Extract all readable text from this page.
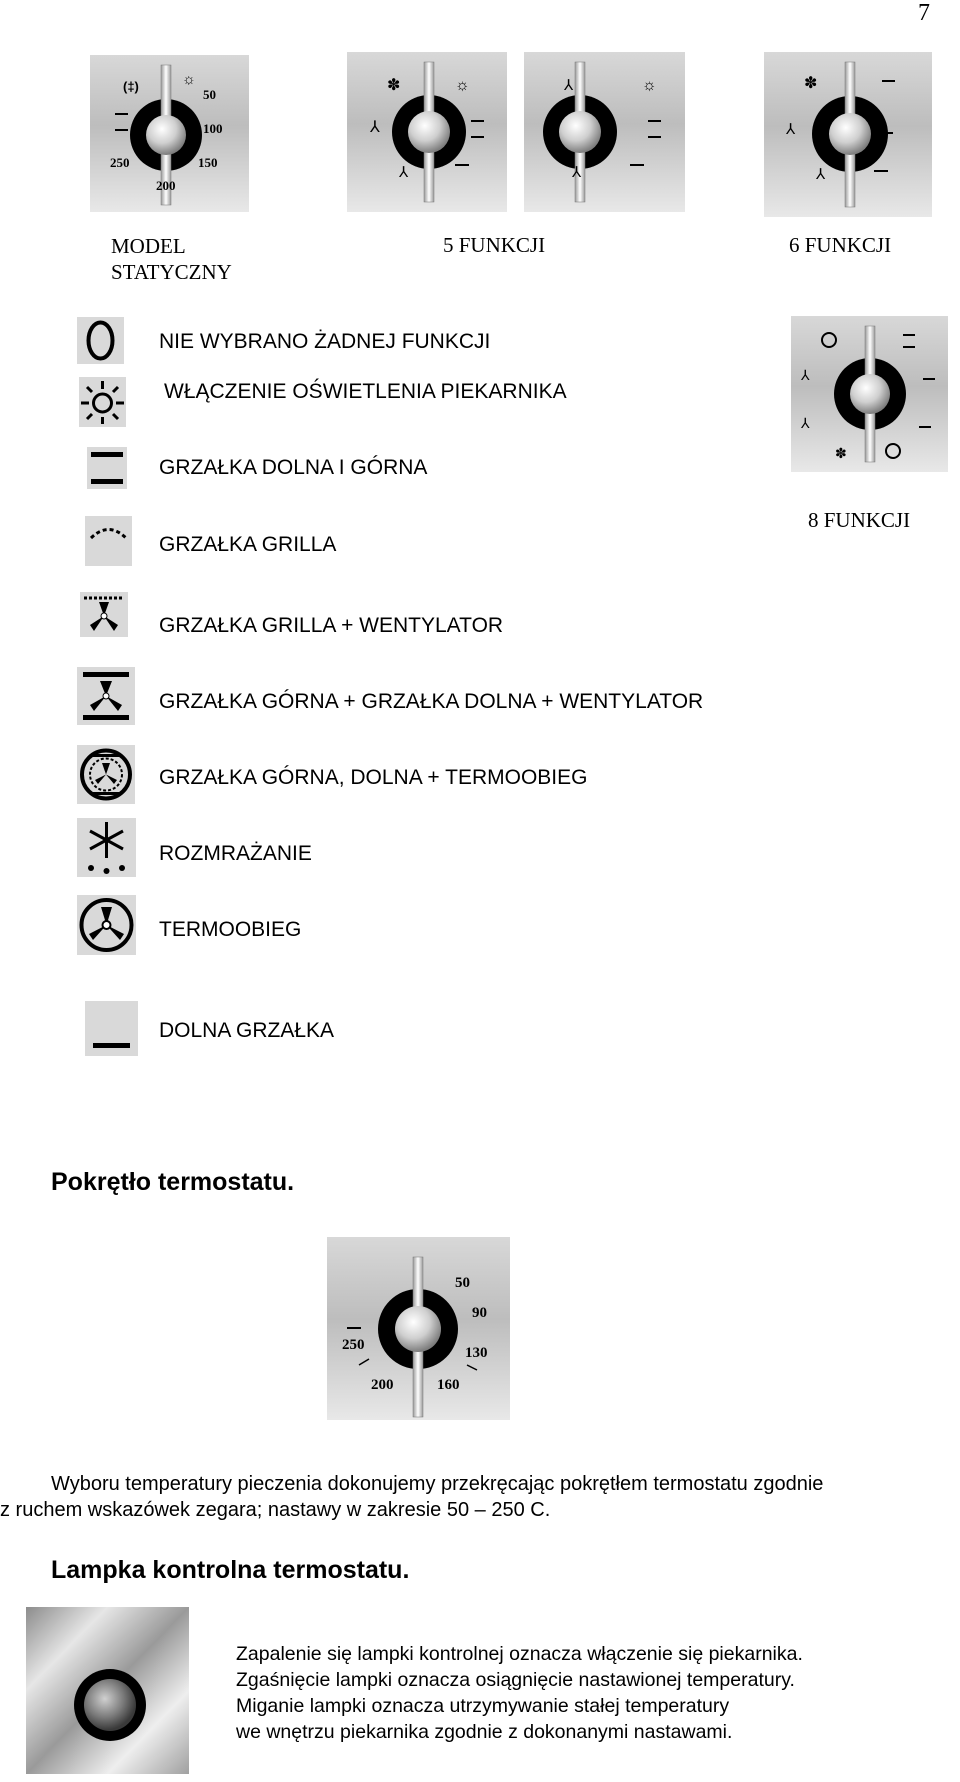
7
(‡)	☼
50
100
150
200
250
✽	☼
⅄
⅄
⅄	☼
⅄
⅄
✽
⅄
⅄
MODEL
STATYCZNY
5 FUNKCJI	6 FUNKCJI
⅄
⅄
✽
8 FUNKCJI
NIE WYBRANO ŻADNEJ FUNKCJI
WŁĄCZENIE OŚWIETLENIA PIEKARNIKA
GRZAŁKA DOLNA I GÓRNA
GRZAŁKA GRILLA
GRZAŁKA GRILLA + WENTYLATOR
GRZAŁKA GÓRNA + GRZAŁKA DOLNA + WENTYLATOR
GRZAŁKA GÓRNA, DOLNA + TERMOOBIEG
ROZMRAŻANIE
TERMOOBIEG
DOLNA GRZAŁKA
Pokrętło termostatu.
50
90
130
160
200
250
Wyboru temperatury pieczenia dokonujemy przekręcając pokrętłem termostatu zgodnie
z ruchem wskazówek zegara; nastawy w zakresie 50 – 250 C.
Lampka kontrolna termostatu.
Zapalenie się lampki kontrolnej oznacza włączenie się piekarnika.
Zgaśnięcie lampki oznacza osiągnięcie nastawionej temperatury.
Miganie lampki oznacza utrzymywanie stałej temperatury
we wnętrzu piekarnika zgodnie z dokonanymi nastawami.
